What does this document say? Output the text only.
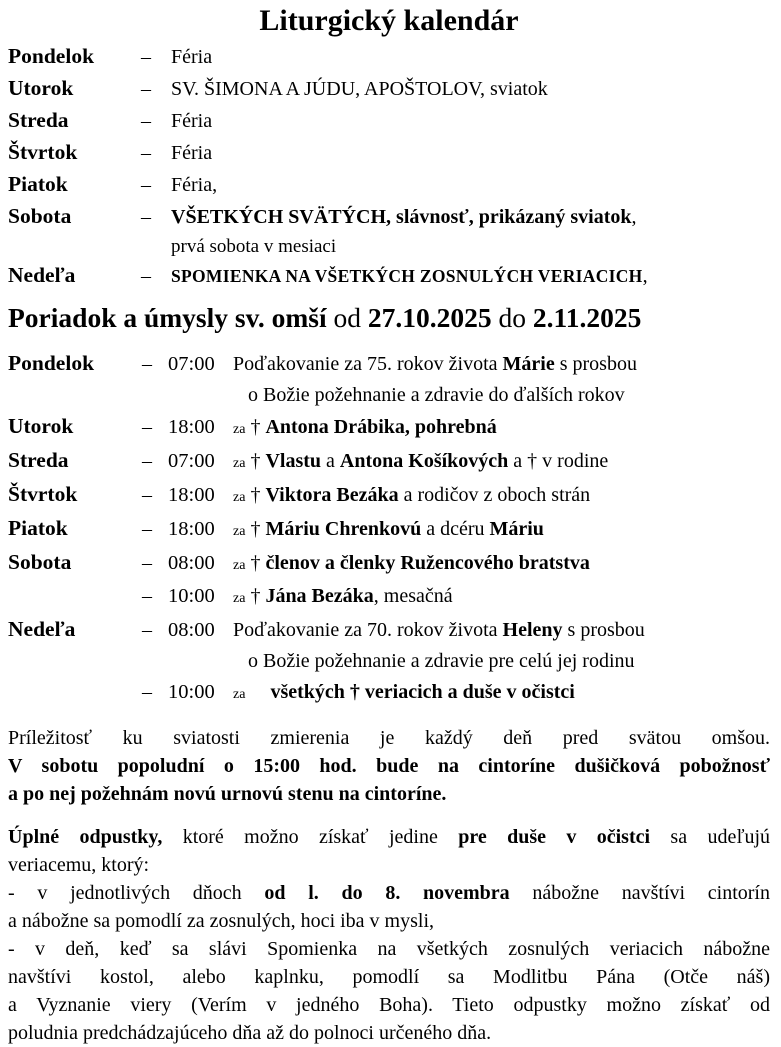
Liturgický kalendár
Pondelok	–	Féria
Utorok	–	SV. ŠIMONA A JÚDU, APOŠTOLOV, sviatok
Streda	–	Féria
Štvrtok	–	Féria
Piatok	–	Féria,
Sobota	–	VŠETKÝCH SVÄTÝCH, slávnosť, prikázaný sviatok,
prvá sobota v mesiaci
Nedeľa	–	SPOMIENKA NA VŠETKÝCH ZOSNULÝCH VERIACICH,
Poriadok a úmysly sv. omší od 27.10.2025 do 2.11.2025
Pondelok	– 07:00 Poďakovanie za 75. rokov života Márie s prosbou
o Božie požehnanie a zdravie do ďalších rokov
Utorok	– 18:00	za † Antona Drábika, pohrebná
Streda	– 07:00	za † Vlastu a Antona Košíkových a † v rodine
Štvrtok	– 18:00	za † Viktora Bezáka a rodičov z oboch strán
Piatok	– 18:00	za † Máriu Chrenkovú a dcéru Máriu
Sobota	– 08:00	za † členov a členky Ružencového bratstva
– 10:00	za † Jána Bezáka, mesačná
Nedeľa	– 08:00 Poďakovanie za 70. rokov života Heleny s prosbou
o Božie požehnanie a zdravie pre celú jej rodinu
– 10:00	za všetkých † veriacich a duše v očistci
Príležitosť ku sviatosti zmierenia je každý deň pred svätou omšou.
V sobotu popoludní o 15:00 hod. bude na cintoríne dušičková pobožnosť
a po nej požehnám novú urnovú stenu na cintoríne.
Úplné odpustky, ktoré možno získať jedine pre duše v očistci sa udeľujú
veriacemu, ktorý:
- v jednotlivých dňoch od l. do 8. novembra nábožne navštívi cintorín
a nábožne sa pomodlí za zosnulých, hoci iba v mysli,
- v deň, keď sa slávi Spomienka na všetkých zosnulých veriacich nábožne
navštívi kostol, alebo kaplnku, pomodlí sa Modlitbu Pána (Otče náš)
a Vyznanie viery (Verím v jedného Boha). Tieto odpustky možno získať od
poludnia predchádzajúceho dňa až do polnoci určeného dňa.
